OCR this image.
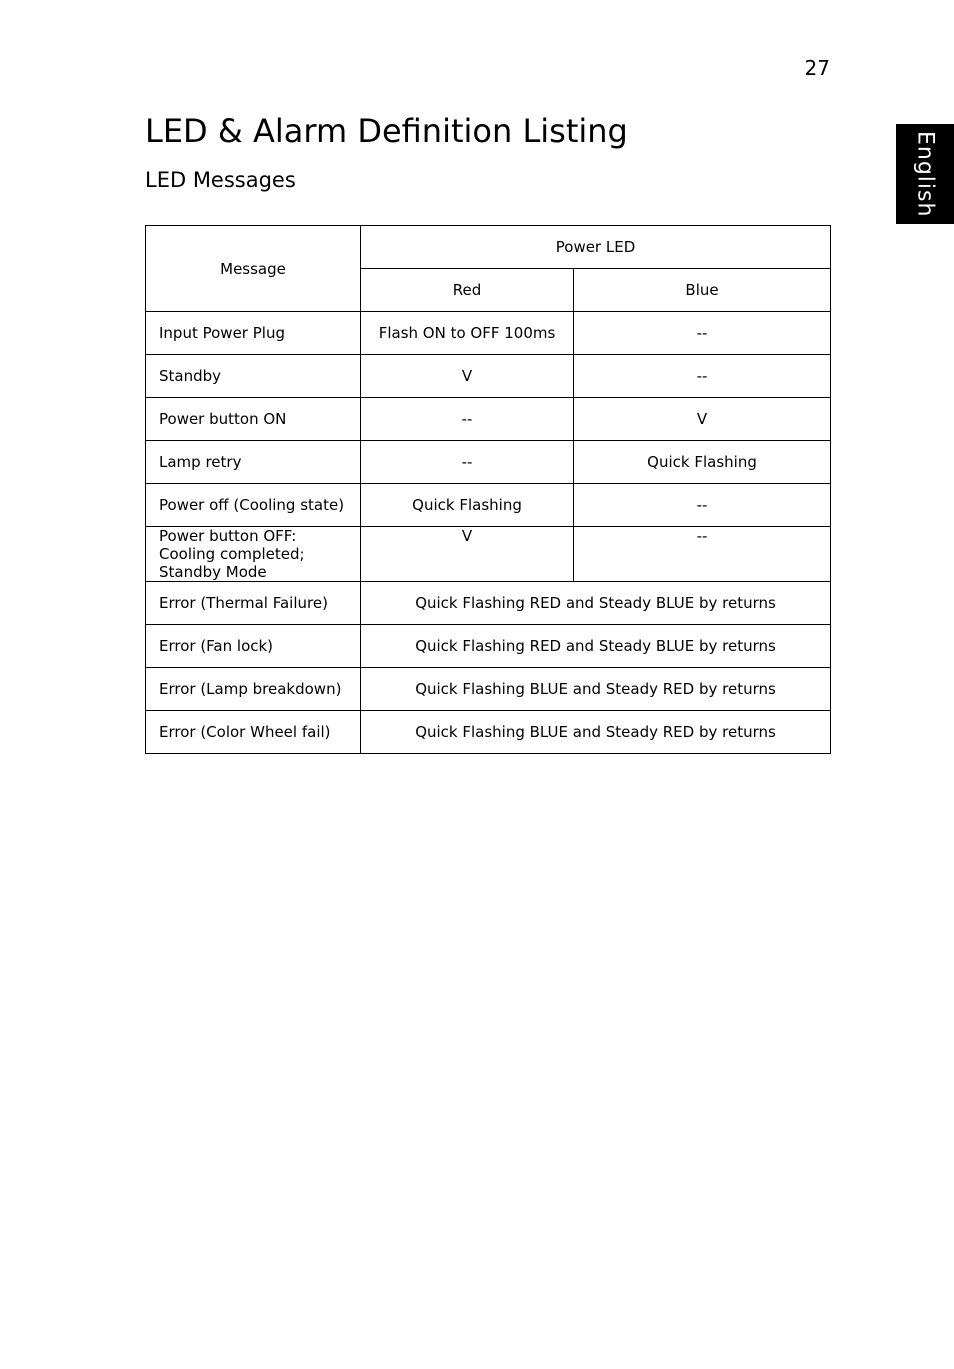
27
English
LED & Alarm Definition Listing
LED Messages
Message	Power LED	
	Red	Blue
Input Power Plug	Flash ON to OFF 100ms	--
Standby	V	--
Power button ON	--	V
Lamp retry	--	Quick Flashing
Power off (Cooling state)	Quick Flashing	--

Power button OFF:
Cooling completed;
Standby Mode	V	--
Error (Thermal Failure)	Quick Flashing RED and Steady BLUE by returns	
Error (Fan lock)	Quick Flashing RED and Steady BLUE by returns	
Error (Lamp breakdown)	Quick Flashing BLUE and Steady RED by returns	
Error (Color Wheel fail)	Quick Flashing BLUE and Steady RED by returns	
